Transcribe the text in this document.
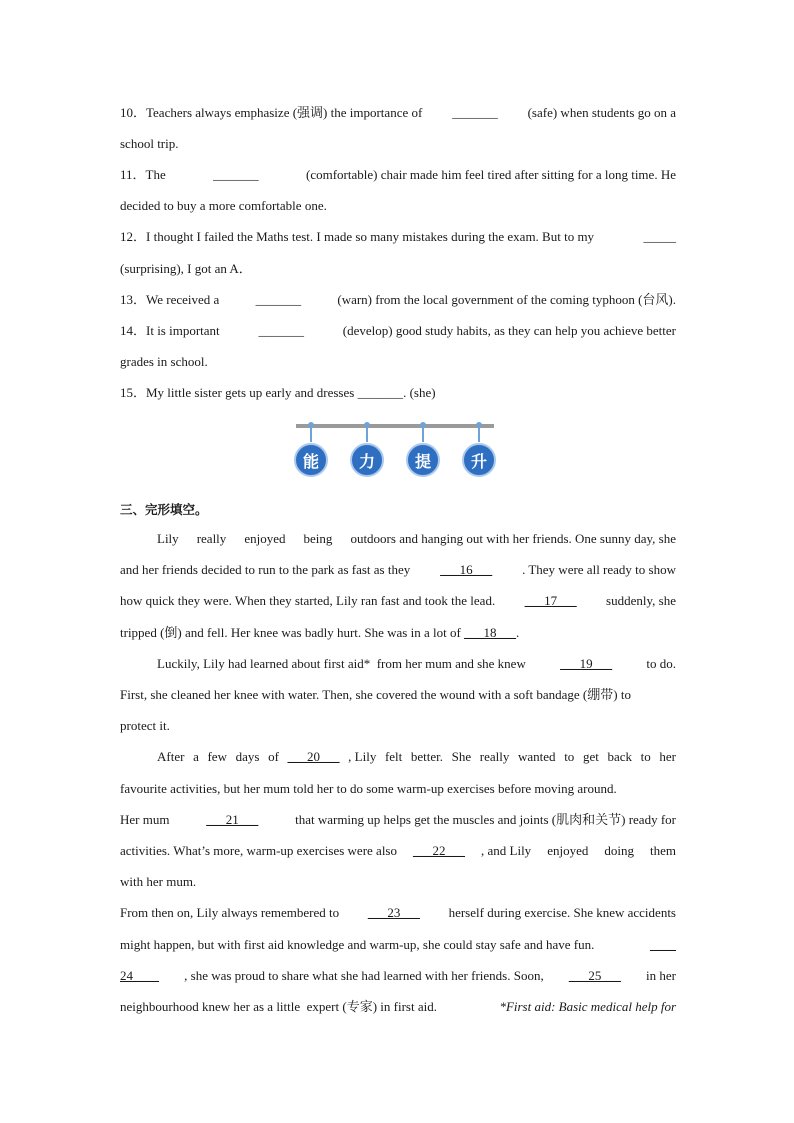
10．Teachers always emphasize (强调) the importance of _______ (safe) when students go on a
school trip.
11．The	_______	(comfortable) chair made him feel tired after sitting for a long time. He
decided to buy a more comfortable one.
12．I thought I failed the Maths test. I made so many mistakes during the exam. But to my	_____
(surprising), I got an A．
13．We received a	_______	(warn) from the local government of the coming typhoon (台风).
14．It is important	_______	(develop) good study habits, as they can help you achieve better
grades in school.
15．My little sister gets up early and dresses _______. (she)
能	力	提	升
三、完形填空。
Lily really enjoyed being outdoors and hanging out with her friends. One sunny day, she
and her friends decided to run to the park as fast as they ___16___ . They were all ready to show
how quick they were. When they started, Lily ran fast and took the lead. ___17___ suddenly, she
tripped (倒) and fell. Her knee was badly hurt. She was in a lot of ___18___.
Luckily, Lily had learned about first aid*  from her mum and she knew	___19___	to do.
First, she cleaned her knee with water. Then, she covered the wound with a soft bandage (绷带) to
protect it.
After a few days of ___20___ , Lily felt better. She really wanted to get back to her
favourite activities, but her mum told her to do some warm-up exercises before moving around.
Her mum	___21___	that warming up helps get the muscles and joints (肌肉和关节) ready for
activities. What’s more, warm-up exercises were also ___22___ , and Lily enjoyed doing them
with her mum.
From then on, Lily always remembered to ___23___ herself during exercise. She knew accidents
might happen, but with first aid knowledge and warm-up, she could stay safe and have fun.	____
24____ , she was proud to share what she had learned with her friends. Soon, ___25___ in her
neighbourhood knew her as a little  expert (专家) in first aid.	*First aid: Basic medical help for
